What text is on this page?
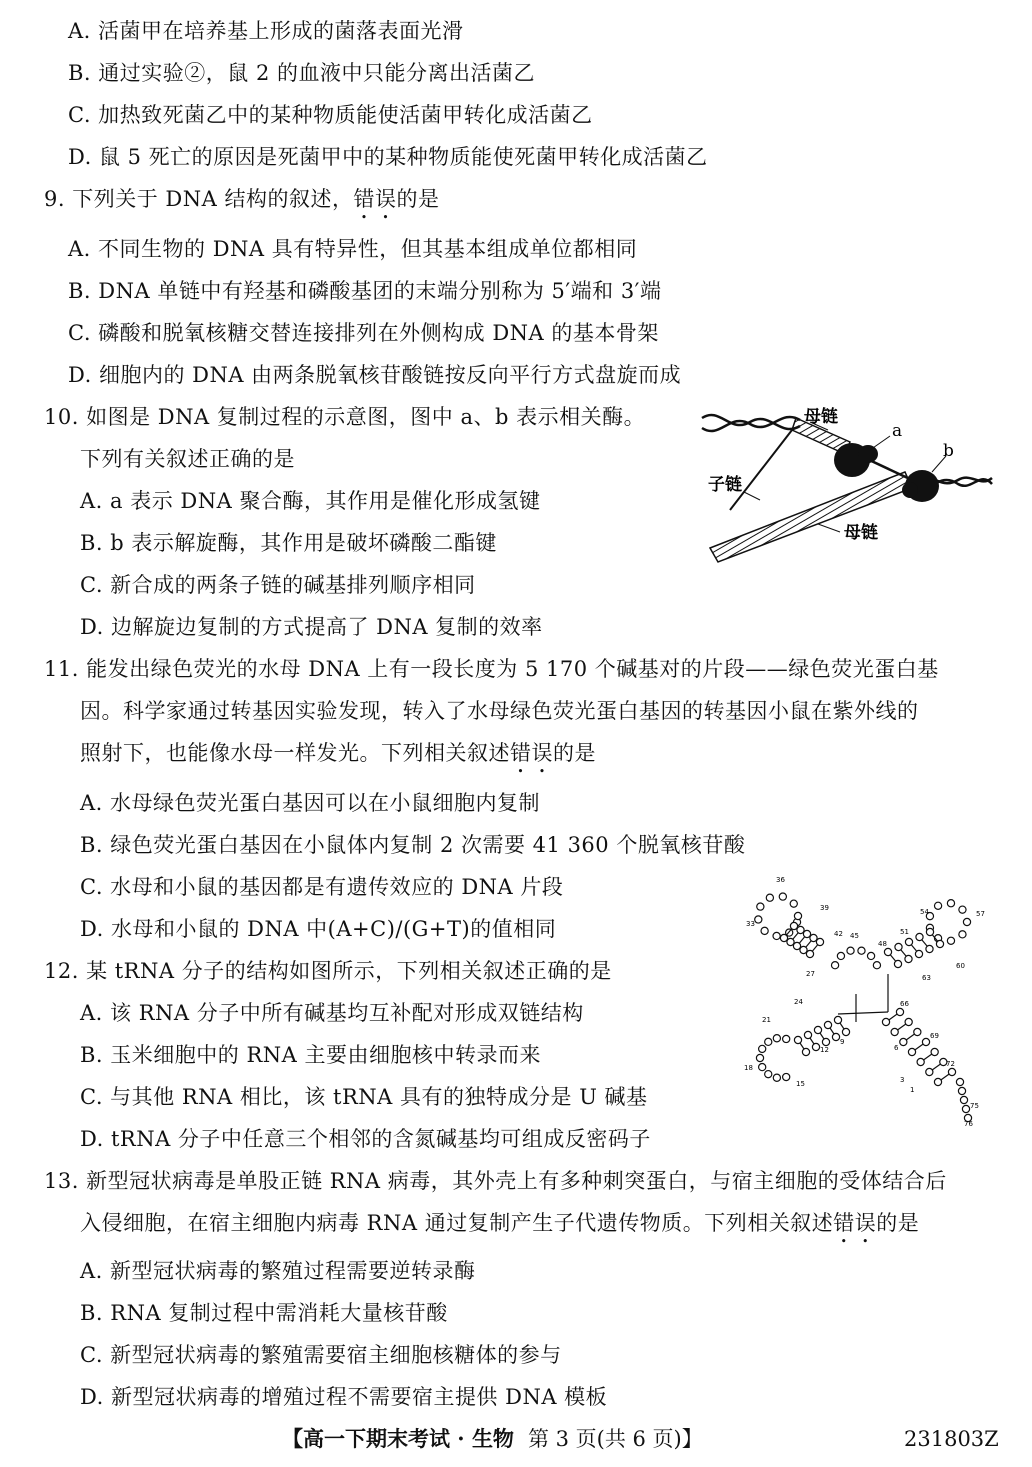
A. 活菌甲在培养基上形成的菌落表面光滑
B. 通过实验②，鼠 2 的血液中只能分离出活菌乙
C. 加热致死菌乙中的某种物质能使活菌甲转化成活菌乙
D. 鼠 5 死亡的原因是死菌甲中的某种物质能使死菌甲转化成活菌乙
9. 下列关于 DNA 结构的叙述，错误的是
A. 不同生物的 DNA 具有特异性，但其基本组成单位都相同
B. DNA 单链中有羟基和磷酸基团的末端分别称为 5′端和 3′端
C. 磷酸和脱氧核糖交替连接排列在外侧构成 DNA 的基本骨架
D. 细胞内的 DNA 由两条脱氧核苷酸链按反向平行方式盘旋而成
10. 如图是 DNA 复制过程的示意图，图中 a、b 表示相关酶。
下列有关叙述正确的是
A. a 表示 DNA 聚合酶，其作用是催化形成氢键
B. b 表示解旋酶，其作用是破坏磷酸二酯键
C. 新合成的两条子链的碱基排列顺序相同
D. 边解旋边复制的方式提高了 DNA 复制的效率
母链
a
b
子链
母链
11. 能发出绿色荧光的水母 DNA 上有一段长度为 5 170 个碱基对的片段——绿色荧光蛋白基
因。科学家通过转基因实验发现，转入了水母绿色荧光蛋白基因的转基因小鼠在紫外线的
照射下，也能像水母一样发光。下列相关叙述错误的是
A. 水母绿色荧光蛋白基因可以在小鼠细胞内复制
B. 绿色荧光蛋白基因在小鼠体内复制 2 次需要 41 360 个脱氧核苷酸
C. 水母和小鼠的基因都是有遗传效应的 DNA 片段
D. 水母和小鼠的 DNA 中(A+C)/(G+T)的值相同
12. 某 tRNA 分子的结构如图所示，下列相关叙述正确的是
A. 该 RNA 分子中所有碱基均互补配对形成双链结构
B. 玉米细胞中的 RNA 主要由细胞核中转录而来
C. 与其他 RNA 相比，该 tRNA 具有的独特成分是 U 碱基
D. tRNA 分子中任意三个相邻的含氮碱基均可组成反密码子
36
39
33
42 45
48
51
54	57
60
63
27
24
21
12
9
18
15
66
69
72
6
3
1
75
76
13. 新型冠状病毒是单股正链 RNA 病毒，其外壳上有多种刺突蛋白，与宿主细胞的受体结合后
入侵细胞，在宿主细胞内病毒 RNA 通过复制产生子代遗传物质。下列相关叙述错误的是
A. 新型冠状病毒的繁殖过程需要逆转录酶
B. RNA 复制过程中需消耗大量核苷酸
C. 新型冠状病毒的繁殖需要宿主细胞核糖体的参与
D. 新型冠状病毒的增殖过程不需要宿主提供 DNA 模板
【高一下期末考试 · 生物 第 3 页(共 6 页)】	231803Z
